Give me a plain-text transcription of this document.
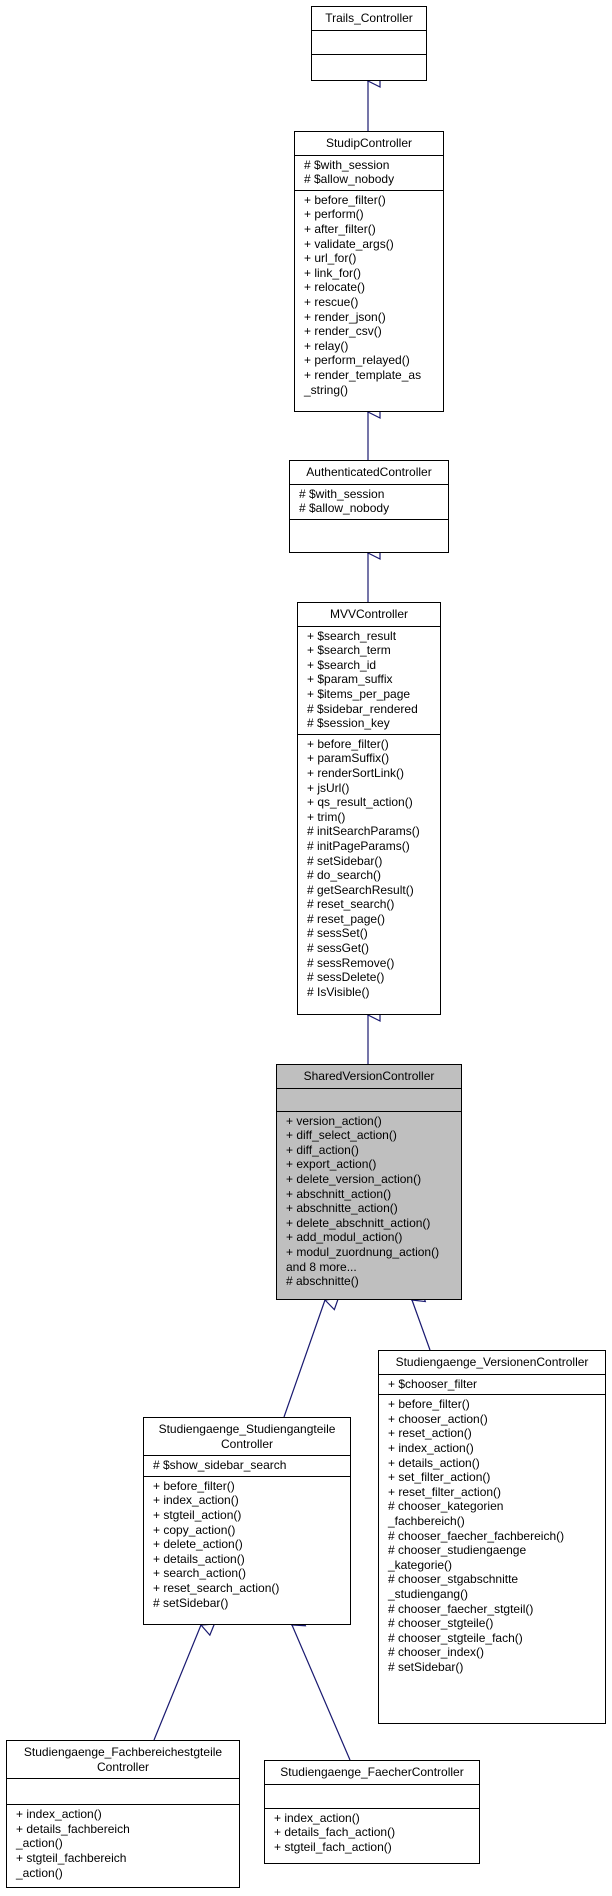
Trails_Controller
StudipController
# $with_session
# $allow_nobody
+ before_filter()
+ perform()
+ after_filter()
+ validate_args()
+ url_for()
+ link_for()
+ relocate()
+ rescue()
+ render_json()
+ render_csv()
+ relay()
+ perform_relayed()
+ render_template_as
_string()
AuthenticatedController
# $with_session
# $allow_nobody
MVVController
+ $search_result
+ $search_term
+ $search_id
+ $param_suffix
+ $items_per_page
# $sidebar_rendered
# $session_key
+ before_filter()
+ paramSuffix()
+ renderSortLink()
+ jsUrl()
+ qs_result_action()
+ trim()
# initSearchParams()
# initPageParams()
# setSidebar()
# do_search()
# getSearchResult()
# reset_search()
# reset_page()
# sessSet()
# sessGet()
# sessRemove()
# sessDelete()
# IsVisible()
SharedVersionController
+ version_action()
+ diff_select_action()
+ diff_action()
+ export_action()
+ delete_version_action()
+ abschnitt_action()
+ abschnitte_action()
+ delete_abschnitt_action()
+ add_modul_action()
+ modul_zuordnung_action()
and 8 more...
# abschnitte()
Studiengaenge_Studiengangteile
Controller
# $show_sidebar_search
+ before_filter()
+ index_action()
+ stgteil_action()
+ copy_action()
+ delete_action()
+ details_action()
+ search_action()
+ reset_search_action()
# setSidebar()
Studiengaenge_VersionenController
+ $chooser_filter
+ before_filter()
+ chooser_action()
+ reset_action()
+ index_action()
+ details_action()
+ set_filter_action()
+ reset_filter_action()
# chooser_kategorien
_fachbereich()
# chooser_faecher_fachbereich()
# chooser_studiengaenge
_kategorie()
# chooser_stgabschnitte
_studiengang()
# chooser_faecher_stgteil()
# chooser_stgteile()
# chooser_stgteile_fach()
# chooser_index()
# setSidebar()
Studiengaenge_Fachbereichestgteile
Controller
+ index_action()
+ details_fachbereich
_action()
+ stgteil_fachbereich
_action()
Studiengaenge_FaecherController
+ index_action()
+ details_fach_action()
+ stgteil_fach_action()
